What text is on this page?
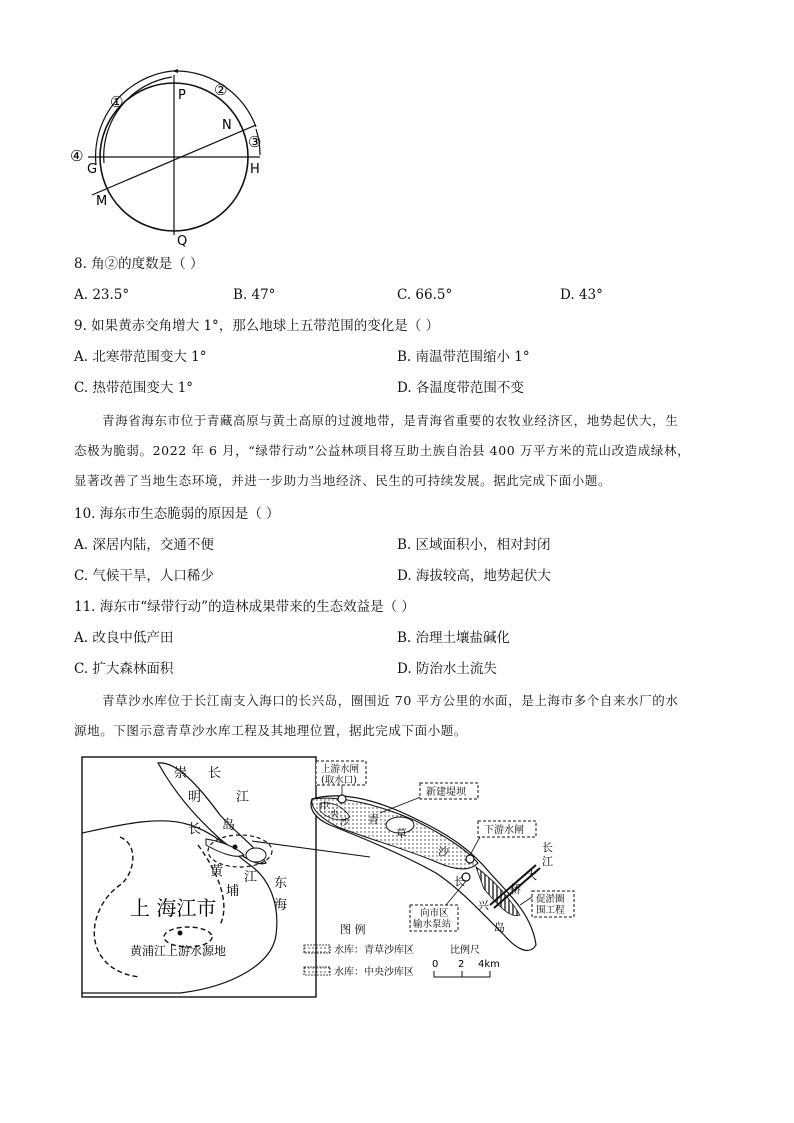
P
Q
N
M
G	H
①
②
③
④
8. 角②的度数是（ ）
A. 23.5°	B. 47°	C. 66.5°	D. 43°
9. 如果黄赤交角增大 1°，那么地球上五带范围的变化是（ ）
A. 北寒带范围变大 1°	B. 南温带范围缩小 1°
C. 热带范围变大 1°	D. 各温度带范围不变
青海省海东市位于青藏高原与黄土高原的过渡地带，是青海省重要的农牧业经济区，地势起伏大，生
态极为脆弱。2022 年 6 月，“绿带行动”公益林项目将互助土族自治县 400 万平方米的荒山改造成绿林，
显著改善了当地生态环境，并进一步助力当地经济、民生的可持续发展。据此完成下面小题。
10. 海东市生态脆弱的原因是（ ）
A. 深居内陆，交通不便	B. 区域面积小，相对封闭
C. 气候干旱，人口稀少	D. 海拔较高，地势起伏大
11. 海东市“绿带行动”的造林成果带来的生态效益是（ ）
A. 改良中低产田	B. 治理土壤盐碱化
C. 扩大森林面积	D. 防治水土流失
青草沙水库位于长江南支入海口的长兴岛，圈围近 70 平方公里的水面，是上海市多个自来水厂的水
源地。下图示意青草沙水库工程及其地理位置，据此完成下面小题。
崇 长
明	江
岛
长
黄
埔
江 东
海
上 海江市
黄浦江上游水源地
上游水闸
(取水口)
新建堤坝
下游水闸
向市区
输水泵站
促淤圈
围工程
中
央
沙 青
草
沙	长
江
大
桥
长
兴
岛
图 例
水库：青草沙库区
水库：中央沙库区
比例尺
0 2 4km
